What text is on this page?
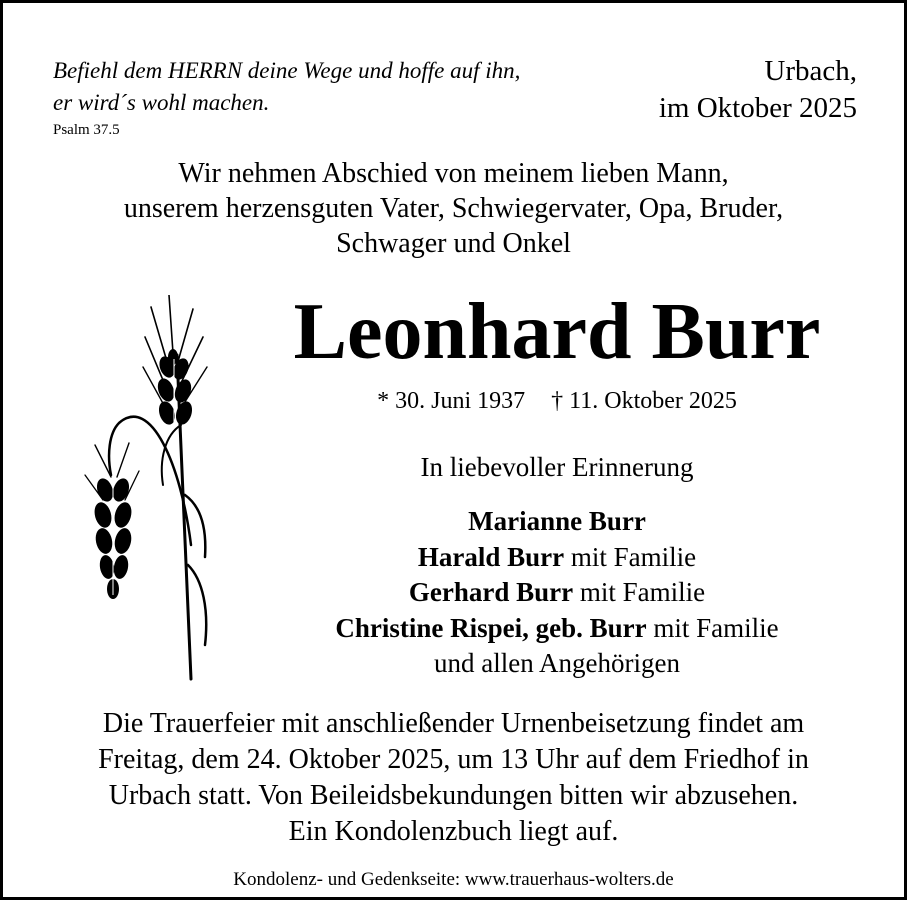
Befiehl dem HERRN deine Wege und hoffe auf ihn,
er wird´s wohl machen.
Psalm 37.5
Urbach,
im Oktober 2025
Wir nehmen Abschied von meinem lieben Mann,
unserem herzensguten Vater, Schwiegervater, Opa, Bruder,
Schwager und Onkel
Leonhard Burr
* 30. Juni 1937 † 11. Oktober 2025
In liebevoller Erinnerung
Marianne Burr
Harald Burr mit Familie
Gerhard Burr mit Familie
Christine Rispei, geb. Burr mit Familie
und allen Angehörigen
Die Trauerfeier mit anschließender Urnenbeisetzung findet am
Freitag, dem 24. Oktober 2025, um 13 Uhr auf dem Friedhof in
Urbach statt. Von Beileidsbekundungen bitten wir abzusehen.
Ein Kondolenzbuch liegt auf.
Kondolenz- und Gedenkseite: www.trauerhaus-wolters.de
